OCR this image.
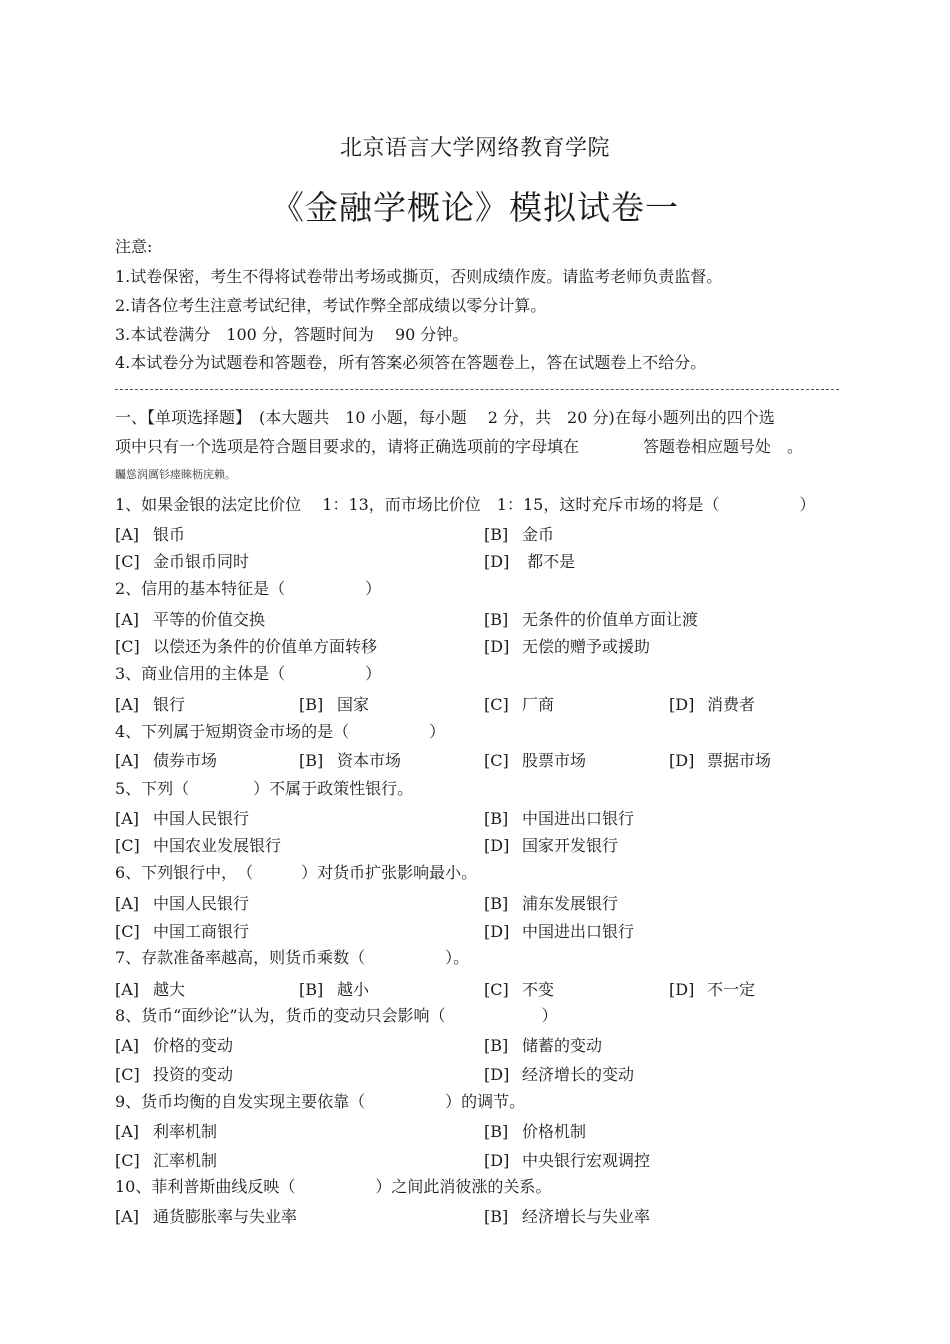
北京语言大学网络教育学院
《金融学概论》模拟试卷一
注意:
1.试卷保密，考生不得将试卷带出考场或撕页，否则成绩作废。请监考老师负责监督。
2.请各位考生注意考试纪律，考试作弊全部成绩以零分计算。
3.本试卷满分　100 分，答题时间为　 90 分钟。
4.本试卷分为试题卷和答题卷，所有答案必须答在答题卷上，答在试题卷上不给分。
一、【单项选择题】　(本大题共　10 小题，每小题　 2 分，共　20 分)在每小题列出的四个选
项中只有一个选项是符合题目要求的，请将正确选项前的字母填在　　　　答题卷相应题号处　。
矚慫润厲钐瘗睞枥庑赖。
1、如果金银的法定比价位　 1：13，而市场比价位　1：15，这时充斥市场的将是（　　　　　）
[A] 银币	[B] 金币
[C] 金币银币同时	[D] 都不是
2、信用的基本特征是（　　　　　）
[A] 平等的价值交换	[B] 无条件的价值单方面让渡
[C] 以偿还为条件的价值单方面转移	[D] 无偿的赠予或援助
3、商业信用的主体是（　　　　　）
[A] 银行	[B] 国家	[C] 厂商	[D] 消费者
4、下列属于短期资金市场的是（　　　　　）
[A] 债券市场	[B] 资本市场	[C] 股票市场	[D] 票据市场
5、下列（　　　　）不属于政策性银行。
[A] 中国人民银行	[B] 中国进出口银行
[C] 中国农业发展银行	[D] 国家开发银行
6、下列银行中，　（　　　）对货币扩张影响最小。
[A] 中国人民银行	[B] 浦东发展银行
[C] 中国工商银行	[D] 中国进出口银行
7、存款准备率越高，则货币乘数（　　　　　）。
[A] 越大	[B] 越小	[C] 不变	[D] 不一定
8、货币“面纱论”认为，货币的变动只会影响（　　　　　　）
[A] 价格的变动	[B] 储蓄的变动
[C] 投资的变动	[D] 经济增长的变动
9、货币均衡的自发实现主要依靠（　　　　　）的调节。
[A] 利率机制	[B] 价格机制
[C] 汇率机制	[D] 中央银行宏观调控
10、菲利普斯曲线反映（　　　　　）之间此消彼涨的关系。
[A] 通货膨胀率与失业率	[B] 经济增长与失业率
